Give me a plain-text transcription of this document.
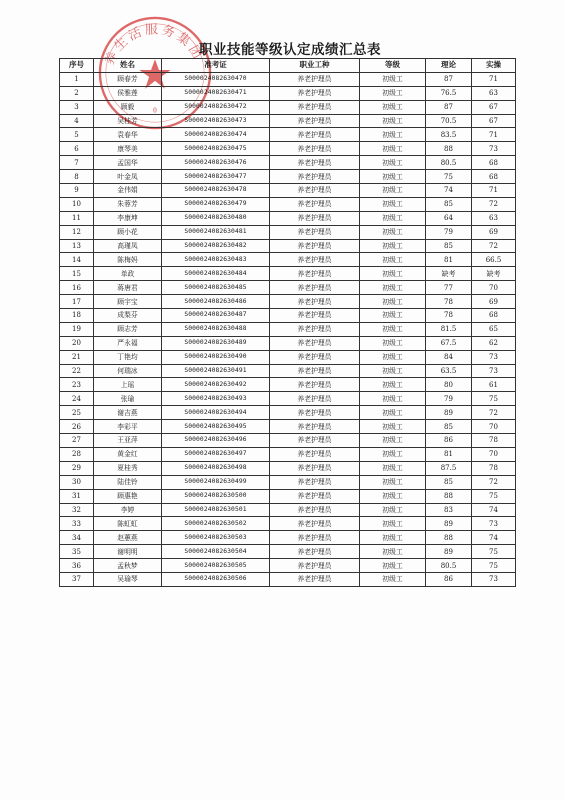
养生活服务集团
0
职业技能等级认定成绩汇总表
序号	姓名	准考证	职业工种	等级	理论	实操
1	顾春芳	S000024082630470	养老护理员	初级工	87	71
2	侯雅莲	S000024082630471	养老护理员	初级工	76.5	63
3	顾毅	S000024082630472	养老护理员	初级工	87	67
4	吴桂芳	S000024082630473	养老护理员	初级工	70.5	67
5	袁春华	S000024082630474	养老护理员	初级工	83.5	71
6	康琴美	S000024082630475	养老护理员	初级工	88	73
7	孟国华	S000024082630476	养老护理员	初级工	80.5	68
8	叶金凤	S000024082630477	养老护理员	初级工	75	68
9	金伟娟	S000024082630478	养老护理员	初级工	74	71
10	朱蓉芳	S000024082630479	养老护理员	初级工	85	72
11	李康坤	S000024082630480	养老护理员	初级工	64	63
12	顾小花	S000024082630481	养老护理员	初级工	79	69
13	高瑾凤	S000024082630482	养老护理员	初级工	85	72
14	陈梅妈	S000024082630483	养老护理员	初级工	81	66.5
15	单政	S000024082630484	养老护理员	初级工	缺考	缺考
16	蒋唐君	S000024082630485	养老护理员	初级工	77	70
17	顾宇宝	S000024082630486	养老护理员	初级工	78	69
18	成梨芬	S000024082630487	养老护理员	初级工	78	68
19	顾志芳	S000024082630488	养老护理员	初级工	81.5	65
20	严永福	S000024082630489	养老护理员	初级工	67.5	62
21	丁艳均	S000024082630490	养老护理员	初级工	84	73
22	何瑞冰	S000024082630491	养老护理员	初级工	63.5	73
23	上瑶	S000024082630492	养老护理员	初级工	80	61
24	张瑜	S000024082630493	养老护理员	初级工	79	75
25	谢吉燕	S000024082630494	养老护理员	初级工	89	72
26	李彩平	S000024082630495	养老护理员	初级工	85	70
27	王亚萍	S000024082630496	养老护理员	初级工	86	78
28	黄金红	S000024082630497	养老护理员	初级工	81	70
29	夏桂秀	S000024082630498	养老护理员	初级工	87.5	78
30	陆佳铃	S000024082630499	养老护理员	初级工	85	72
31	顾惠艳	S000024082630500	养老护理员	初级工	88	75
32	李婷	S000024082630501	养老护理员	初级工	83	74
33	陈虹虹	S000024082630502	养老护理员	初级工	89	73
34	赵蕙燕	S000024082630503	养老护理员	初级工	88	74
35	谢明明	S000024082630504	养老护理员	初级工	89	75
36	孟秋梦	S000024082630505	养老护理员	初级工	80.5	75
37	吴瑜琴	S000024082630506	养老护理员	初级工	86	73
